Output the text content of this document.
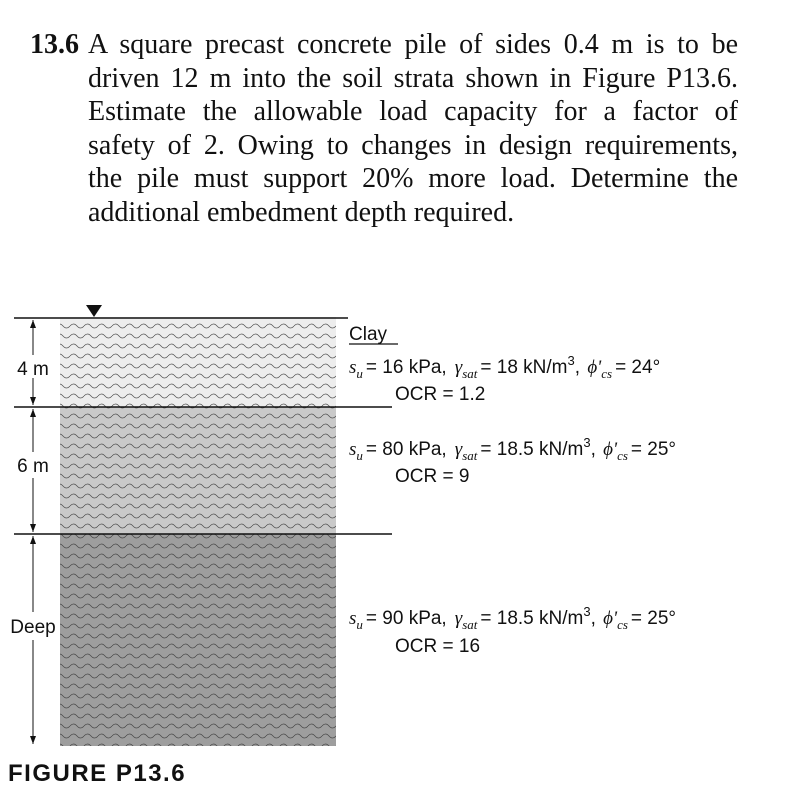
13.6 A square precast concrete pile of sides 0.4 m is to be
driven 12 m into the soil strata shown in Figure P13.6.
Estimate the allowable load capacity for a factor of
safety of 2. Owing to changes in design requirements,
the pile must support 20% more load. Determine the
additional embedment depth required.
4 m
6 m
Deep
Clay
$s_u = 16$ kPa, $\gamma_{sat} = 18$ $kN/m^3$, $\phi'_{cs} = 24^\circ$
OCR = 1.2
$s_u = 80$ kPa, $\gamma_{sat} = 18.5$ $kN/m^3$, $\phi'_{cs} = 25^\circ$
OCR = 9
$s_u = 90$ kPa, $\gamma_{sat} = 18.5$ $kN/m^3$, $\phi'_{cs} = 25^\circ$
OCR = 16
FIGURE P13.6
